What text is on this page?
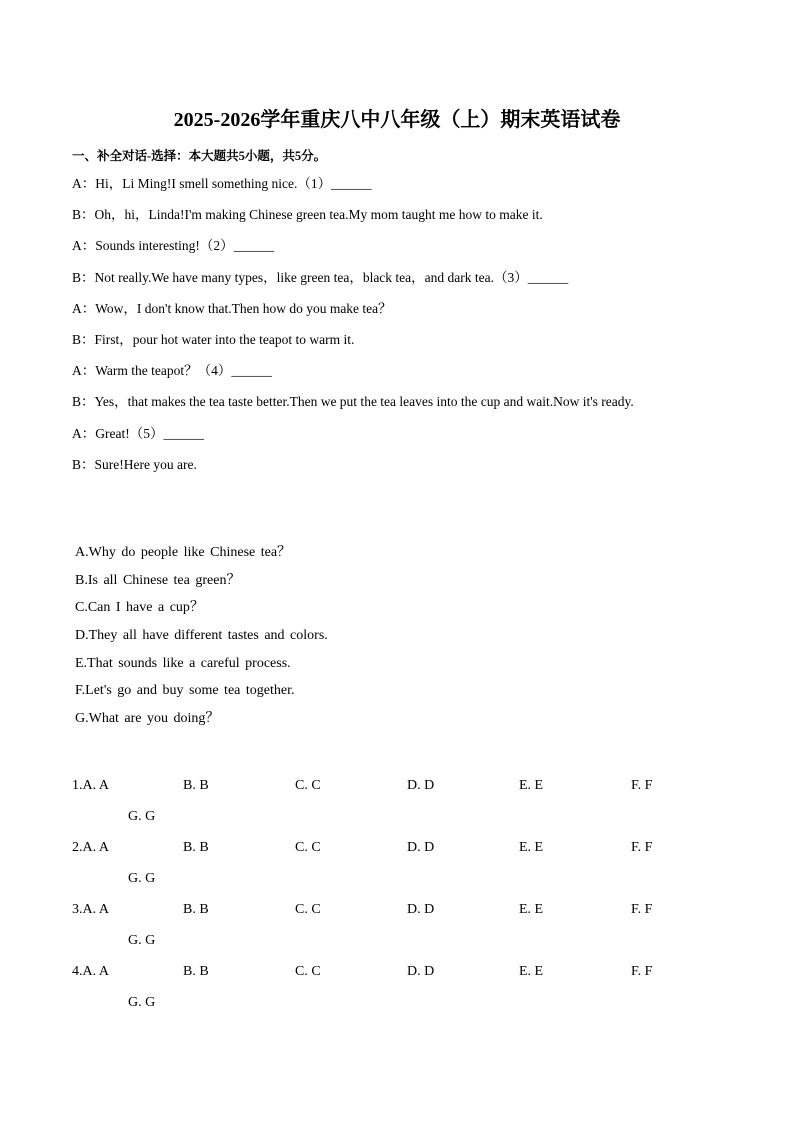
2025-2026学年重庆八中八年级（上）期末英语试卷

一、补全对话-选择：本大题共5小题，共5分。

A：Hi，Li Ming!I smell something nice.（1）______
B：Oh，hi，Linda!I'm making Chinese green tea.My mom taught me how to make it.
A：Sounds interesting!（2）______
B：Not really.We have many types，like green tea，black tea，and dark tea.（3）______
A：Wow，I don't know that.Then how do you make tea？
B：First，pour hot water into the teapot to warm it.
A：Warm the teapot？（4）______
B：Yes，that makes the tea taste better.Then we put the tea leaves into the cup and wait.Now it's ready.
A：Great!（5）______
B：Sure!Here you are.
A.Why do people like Chinese tea？
B.Is all Chinese tea green？
C.Can I have a cup？
D.They all have different tastes and colors.
E.That sounds like a careful process.
F.Let's go and buy some tea together.
G.What are you doing？
1.A. A	B. B	C. C	D. D	E. E	F. F
G. G
2.A. A	B. B	C. C	D. D	E. E	F. F
G. G
3.A. A	B. B	C. C	D. D	E. E	F. F
G. G
4.A. A	B. B	C. C	D. D	E. E	F. F
G. G
